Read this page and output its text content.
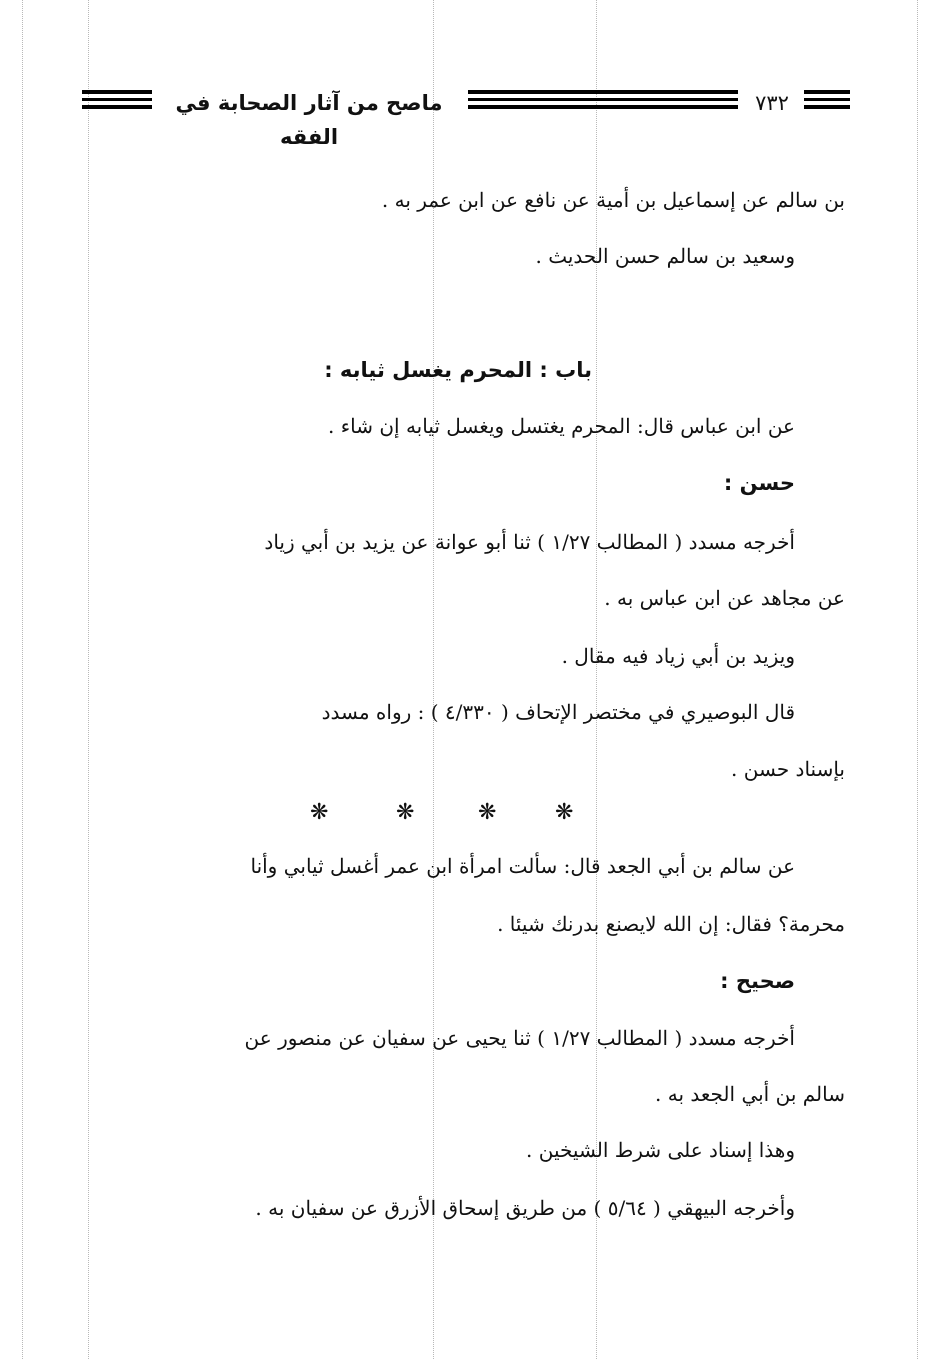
ماصح من آثار الصحابة في الفقه
٧٣٢
بن سالم عن إسماعيل بن أمية عن نافع عن ابن عمر به .
وسعيد بن سالم حسن الحديث .
باب : المحرم يغسل ثيابه :
عن ابن عباس قال: المحرم يغتسل ويغسل ثيابه إن شاء .
حسن :
أخرجه مسدد ( المطالب ١/٢٧ ) ثنا أبو عوانة عن يزيد بن أبي زياد
عن مجاهد عن ابن عباس به .
ويزيد بن أبي زياد فيه مقال .
قال البوصيري في مختصر الإتحاف ( ٤/٣٣٠ ) : رواه مسدد
بإسناد حسن .
❋	❋	❋	❋
عن سالم بن أبي الجعد قال: سألت امرأة ابن عمر أغسل ثيابي وأنا
محرمة؟ فقال: إن الله لايصنع بدرنك شيئا .
صحيح :
أخرجه مسدد ( المطالب ١/٢٧ ) ثنا يحيى عن سفيان عن منصور عن
سالم بن أبي الجعد به .
وهذا إسناد على شرط الشيخين .
وأخرجه البيهقي ( ٥/٦٤ ) من طريق إسحاق الأزرق عن سفيان به .
